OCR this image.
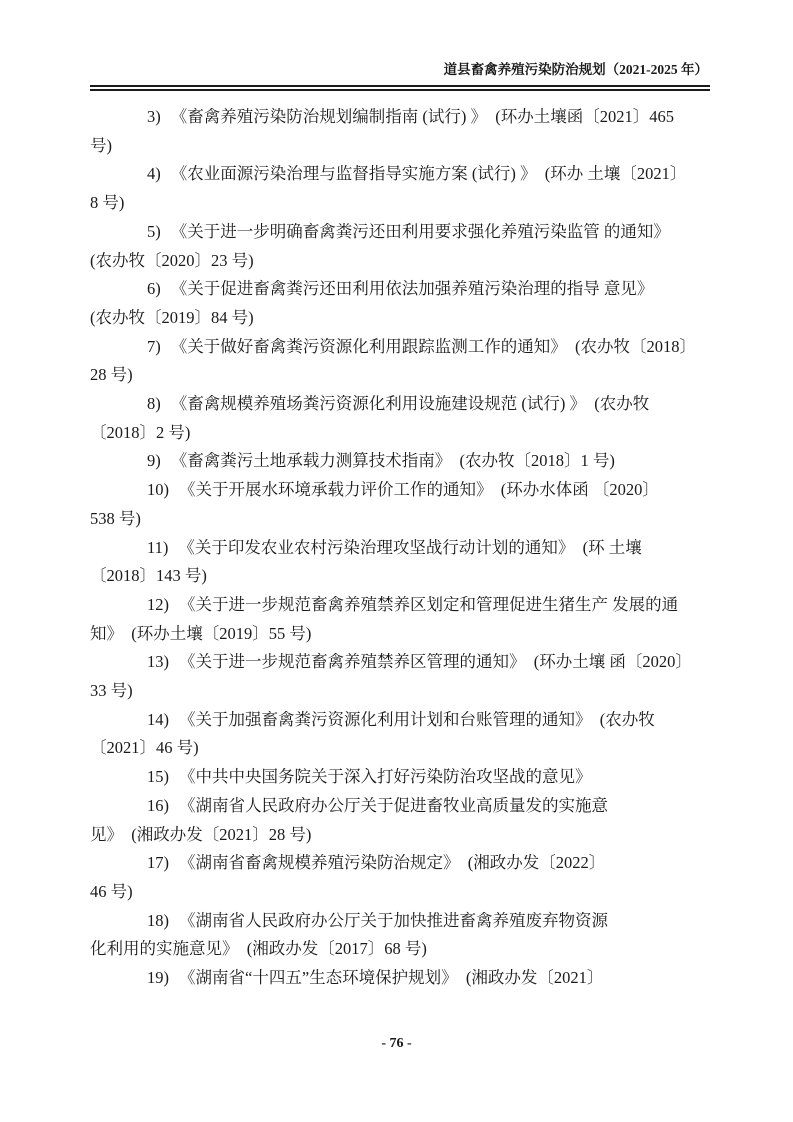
道县畜禽养殖污染防治规划（2021-2025 年）
3) 《畜禽养殖污染防治规划编制指南 (试行) 》　(环办土壤函〔2021〕465
号)
4) 《农业面源污染治理与监督指导实施方案 (试行) 》　(环办 土壤〔2021〕
8 号)
5) 《关于进一步明确畜禽粪污还田利用要求强化养殖污染监管 的通知》
(农办牧〔2020〕23 号)
6) 《关于促进畜禽粪污还田利用依法加强养殖污染治理的指导 意见》
(农办牧〔2019〕84 号)
7) 《关于做好畜禽粪污资源化利用跟踪监测工作的通知》　(农办牧〔2018〕
28 号)
8) 《畜禽规模养殖场粪污资源化利用设施建设规范 (试行) 》　(农办牧
〔2018〕2 号)
9) 《畜禽粪污土地承载力测算技术指南》　(农办牧〔2018〕1 号)
10) 《关于开展水环境承载力评价工作的通知》　(环办水体函 〔2020〕
538 号)
11) 《关于印发农业农村污染治理攻坚战行动计划的通知》　(环 土壤
〔2018〕143 号)
12) 《关于进一步规范畜禽养殖禁养区划定和管理促进生猪生产 发展的通
知》　(环办土壤〔2019〕55 号)
13) 《关于进一步规范畜禽养殖禁养区管理的通知》　(环办土壤 函〔2020〕
33 号)
14) 《关于加强畜禽粪污资源化利用计划和台账管理的通知》　(农办牧
〔2021〕46 号)
15) 《中共中央国务院关于深入打好污染防治攻坚战的意见》
16) 《湖南省人民政府办公厅关于促进畜牧业高质量发的实施意
见》　(湘政办发〔2021〕28 号)
17) 《湖南省畜禽规模养殖污染防治规定》　(湘政办发〔2022〕
46 号)
18) 《湖南省人民政府办公厅关于加快推进畜禽养殖废弃物资源
化利用的实施意见》　(湘政办发〔2017〕68 号)
19) 《湖南省“十四五”生态环境保护规划》　(湘政办发〔2021〕
- 76 -
